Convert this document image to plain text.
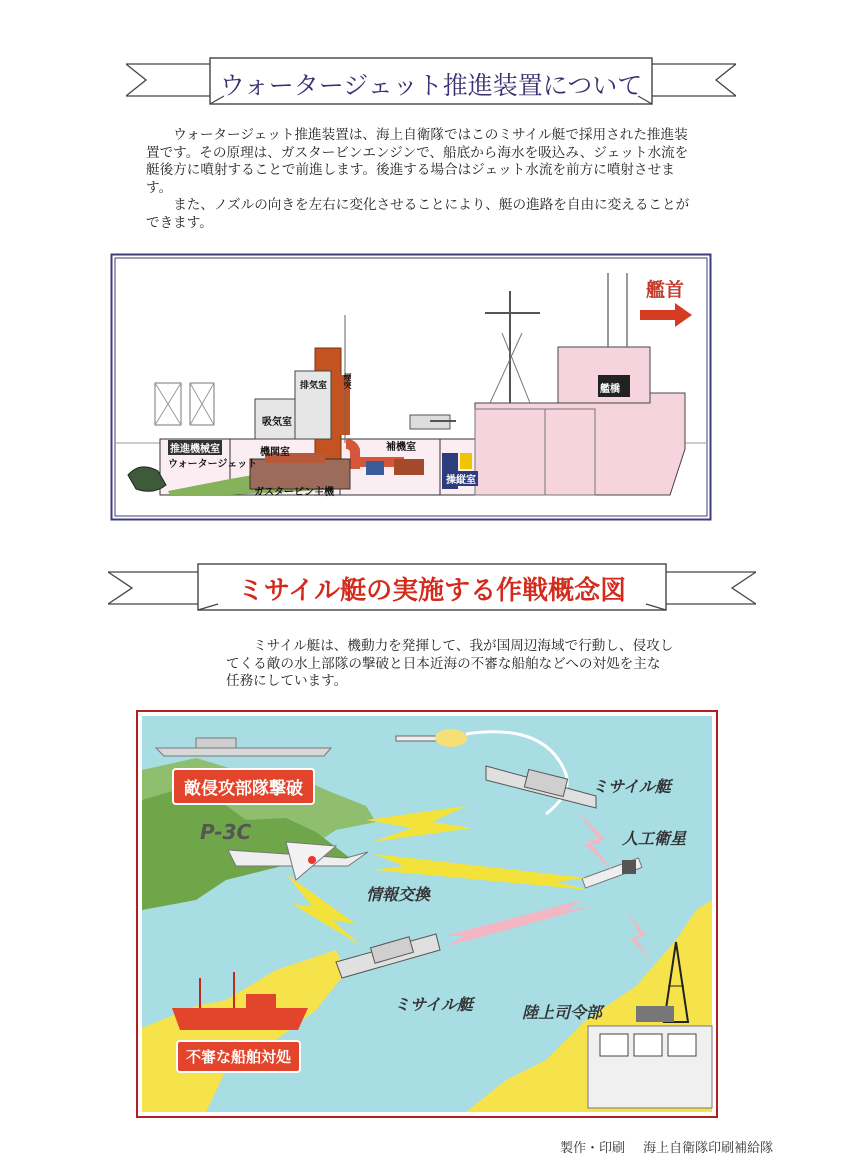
ウォータージェット推進装置について

ウォータージェット推進装置は、海上自衛隊ではこのミサイル艇で採用された推進装置です。その原理は、ガスタービンエンジンで、船底から海水を吸込み、ジェット水流を艇後方に噴射することで前進します。後進する場合はジェット水流を前方に噴射させます。

また、ノズルの向きを左右に変化させることにより、艇の進路を自由に変えることができます。

艦首
吸気室
排気室	煙突
推進機械室
ウォータージェット
機関室	補機室
ガスタービン主機
操縦室
艦橋
ミサイル艇の実施する作戦概念図

ミサイル艇は、機動力を発揮して、我が国周辺海域で行動し、侵攻してくる敵の水上部隊の撃破と日本近海の不審な船舶などへの対処を主な任務にしています。

敵侵攻部隊撃破
P-3C
ミサイル艇
人工衛星
情報交換
ミサイル艇	陸上司令部
不審な船舶対処
製作・印刷 海上自衛隊印刷補給隊
